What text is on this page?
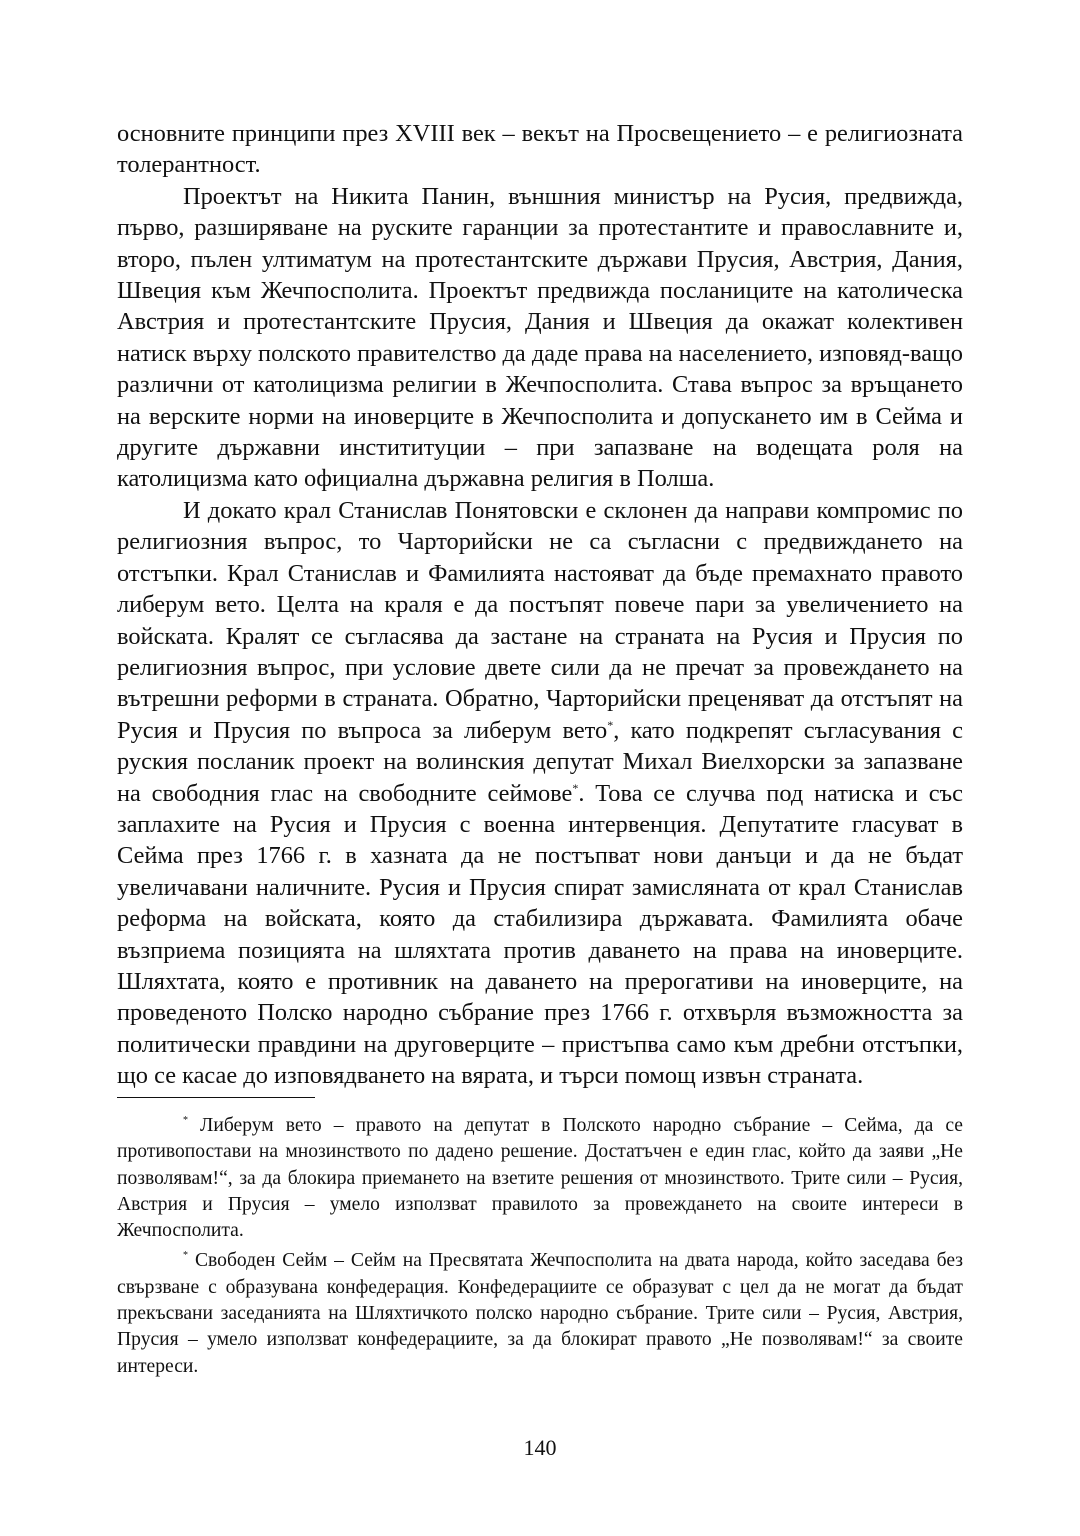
основните принципи през XVIII век – векът на Просвещението – е религиозната толерантност.

Проектът на Никита Панин, външния министър на Русия, предвижда, първо, разширяване на руските гаранции за протестантите и православните и, второ, пълен ултиматум на протестантските държави Прусия, Австрия, Дания, Швеция към Жечпосполита. Проектът предвижда посланиците на католическа Австрия и протестантските Прусия, Дания и Швеция да окажат колективен натиск върху полското правителство да даде права на населението, изповяд-ващо различни от католицизма религии в Жечпосполита. Става въпрос за връщането на верските норми на иноверците в Жечпосполита и допускането им в Сейма и другите държавни инстититуции – при запазване на водещата роля на католицизма като официална държавна религия в Полша.

И докато крал Станислав Понятовски е склонен да направи компромис по религиозния въпрос, то Чарторийски не са съгласни с предвиждането на отстъпки. Крал Станислав и Фамилията настояват да бъде премахнато правото либерум вето. Целта на краля е да постъпят повече пари за увеличението на войската. Кралят се съгласява да застане на страната на Русия и Прусия по религиозния въпрос, при условие двете сили да не пречат за провеждането на вътрешни реформи в страната. Обратно, Чарторийски преценяват да отстъпят на Русия и Прусия по въпроса за либерум вето*, като подкрепят съгласувания с руския посланик проект на волинския депутат Михал Виелхорски за запазване на свободния глас на свободните сеймове*. Това се случва под натиска и със заплахите на Русия и Прусия с военна интервенция. Депутатите гласуват в Сейма през 1766 г. в хазната да не постъпват нови данъци и да не бъдат увеличавани наличните. Русия и Прусия спират замисляната от крал Станислав реформа на войската, която да стабилизира държавата. Фамилията обаче възприема позицията на шляхтата против даването на права на иноверците. Шляхтата, която е противник на даването на прерогативи на иноверците, на проведеното Полско народно събрание през 1766 г. отхвърля възможността за политически правдини на друговерците – пристъпва само към дребни отстъпки, що се касае до изповядването на вярата, и търси помощ извън страната.

* Либерум вето – правото на депутат в Полското народно събрание – Сейма, да се противопостави на мнозинството по дадено решение. Достатъчен е един глас, който да заяви „Не позволявам!“, за да блокира приемането на взетите решения от мнозинството. Трите сили – Русия, Австрия и Прусия – умело използват правилото за провеждането на своите интереси в Жечпосполита.

* Свободен Сейм – Сейм на Пресвятата Жечпосполита на двата народа, който заседава без свързване с образувана конфедерация. Конфедерациите се образуват с цел да не могат да бъдат прекъсвани заседанията на Шляхтичкото полско народно събрание. Трите сили – Русия, Австрия, Прусия – умело използват конфедерациите, за да блокират правото „Не позволявам!“ за своите интереси.

140
